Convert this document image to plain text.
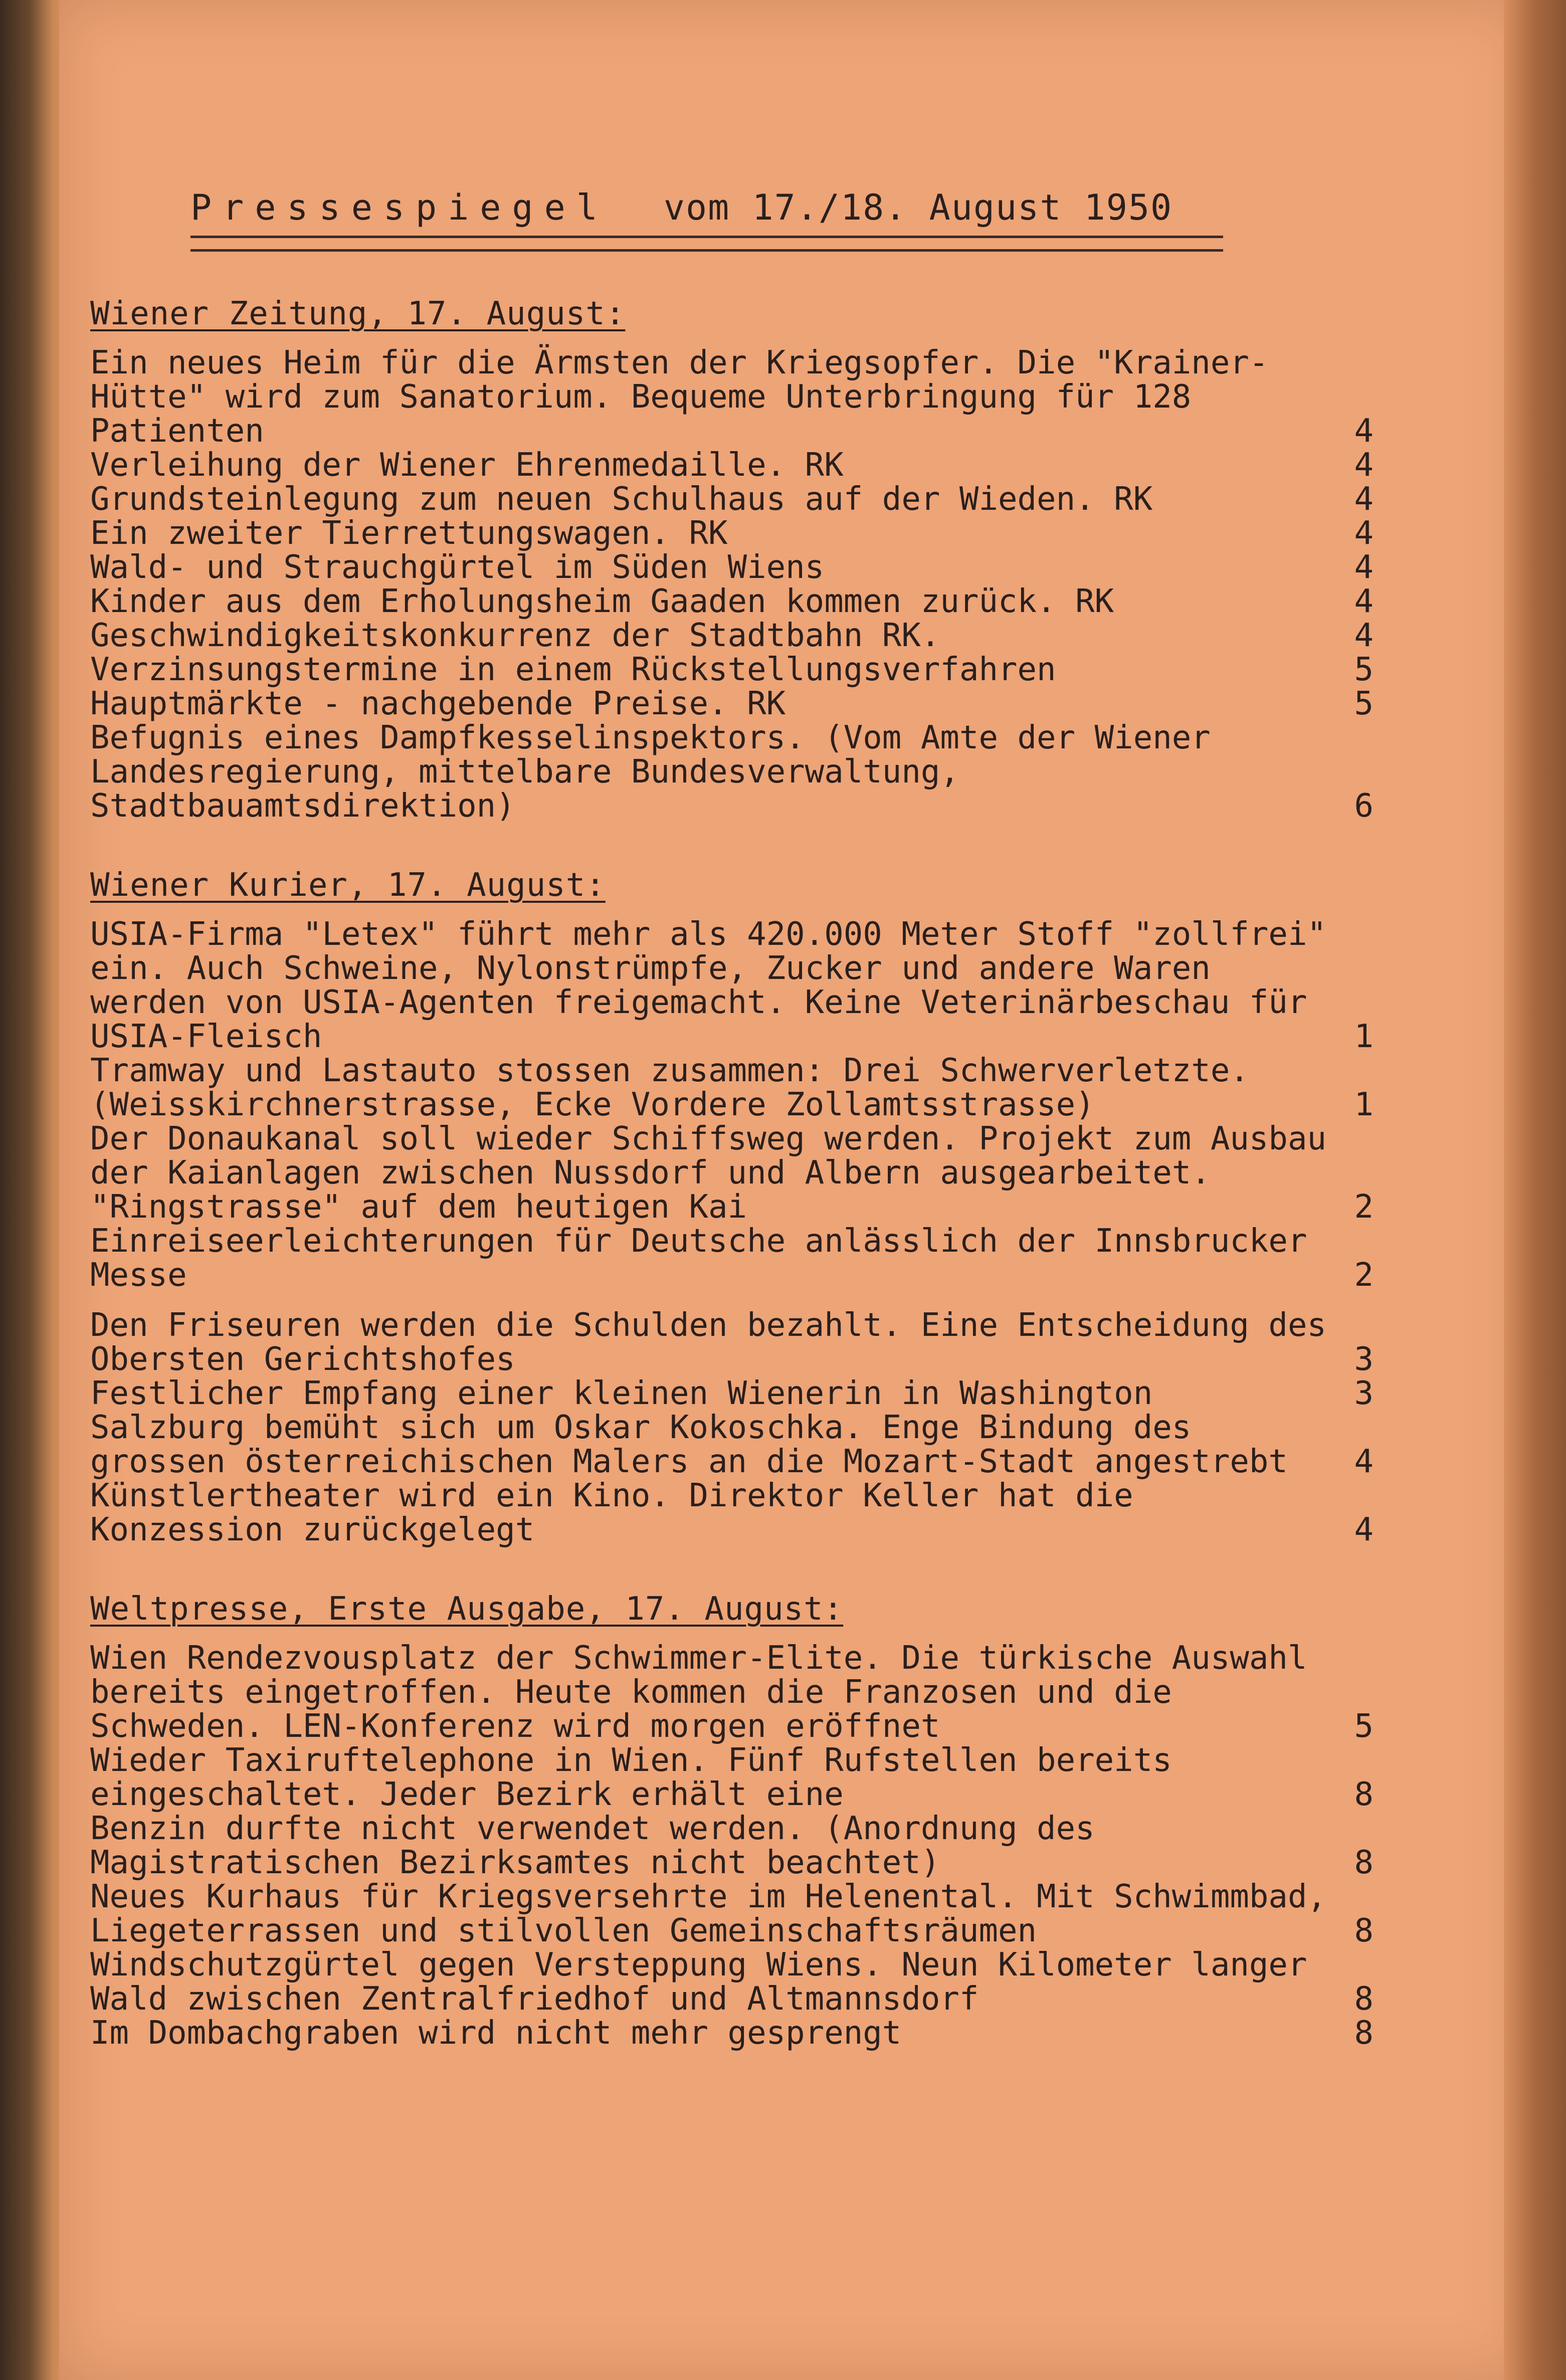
Pressespiegel vom 17./18. August 1950
Wiener Zeitung, 17. August:
Ein neues Heim für die Ärmsten der Kriegsopfer. Die "Krainer-Hütte" wird zum Sanatorium. Bequeme Unterbringung für 128 Patienten	4
Verleihung der Wiener Ehrenmedaille. RK	4
Grundsteinlegung zum neuen Schulhaus auf der Wieden. RK	4
Ein zweiter Tierrettungswagen. RK	4
Wald- und Strauchgürtel im Süden Wiens	4
Kinder aus dem Erholungsheim Gaaden kommen zurück. RK	4
Geschwindigkeitskonkurrenz der Stadtbahn RK.	4
Verzinsungstermine in einem Rückstellungsverfahren	5
Hauptmärkte - nachgebende Preise. RK	5
Befugnis eines Dampfkesselinspektors. (Vom Amte der Wiener Landesregierung, mittelbare Bundesverwaltung, Stadtbauamtsdirektion)	6
Wiener Kurier, 17. August:
USIA-Firma "Letex" führt mehr als 420.000 Meter Stoff "zollfrei" ein. Auch Schweine, Nylonstrümpfe, Zucker und andere Waren werden von USIA-Agenten freigemacht. Keine Veterinärbeschau für USIA-Fleisch	1
Tramway und Lastauto stossen zusammen: Drei Schwerverletzte. (Weisskirchnerstrasse, Ecke Vordere Zollamtsstrasse)	1
Der Donaukanal soll wieder Schiffsweg werden. Projekt zum Ausbau der Kaianlagen zwischen Nussdorf und Albern ausgearbeitet. "Ringstrasse" auf dem heutigen Kai	2
Einreiseerleichterungen für Deutsche anlässlich der Innsbrucker Messe	2
Den Friseuren werden die Schulden bezahlt. Eine Entscheidung des Obersten Gerichtshofes	3
Festlicher Empfang einer kleinen Wienerin in Washington	3
Salzburg bemüht sich um Oskar Kokoschka. Enge Bindung des grossen österreichischen Malers an die Mozart-Stadt angestrebt	4
Künstlertheater wird ein Kino. Direktor Keller hat die Konzession zurückgelegt	4
Weltpresse, Erste Ausgabe, 17. August:
Wien Rendezvousplatz der Schwimmer-Elite. Die türkische Auswahl bereits eingetroffen. Heute kommen die Franzosen und die Schweden. LEN-Konferenz wird morgen eröffnet	5
Wieder Taxiruftelephone in Wien. Fünf Rufstellen bereits eingeschaltet. Jeder Bezirk erhält eine	8
Benzin durfte nicht verwendet werden. (Anordnung des Magistratischen Bezirksamtes nicht beachtet)	8
Neues Kurhaus für Kriegsversehrte im Helenental. Mit Schwimmbad, Liegeterrassen und stilvollen Gemeinschaftsräumen	8
Windschutzgürtel gegen Versteppung Wiens. Neun Kilometer langer Wald zwischen Zentralfriedhof und Altmannsdorf	8
Im Dombachgraben wird nicht mehr gesprengt	8
